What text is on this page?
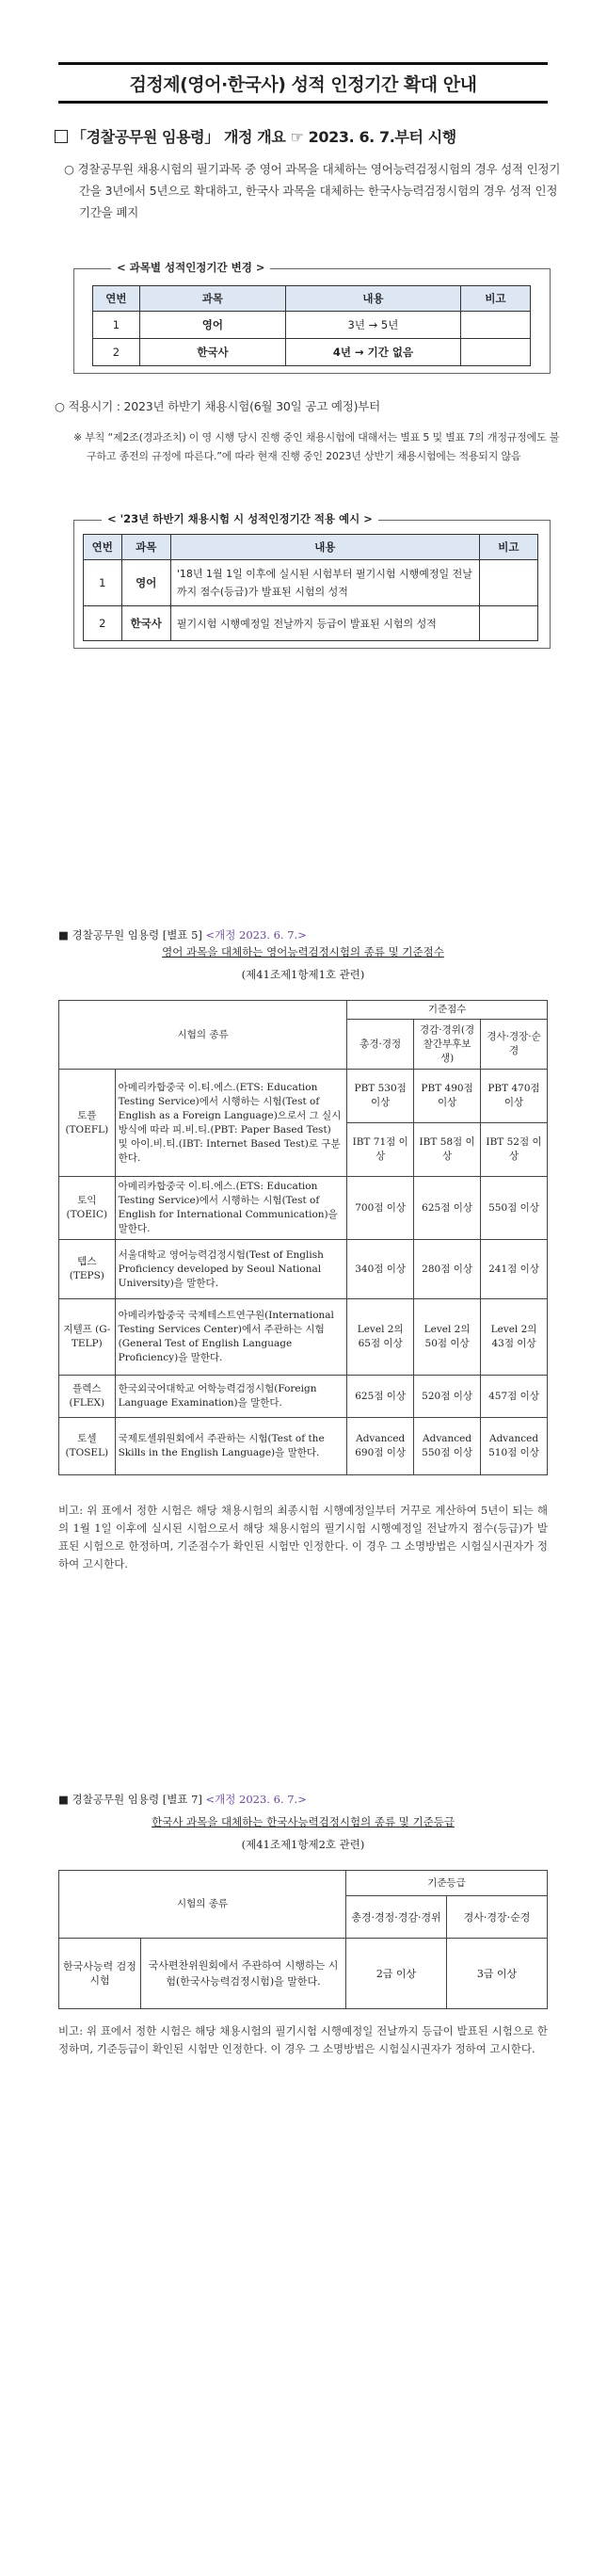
검정제(영어·한국사) 성적 인정기간 확대 안내
「경찰공무원 임용령」 개정 개요 ☞ 2023. 6. 7.부터 시행
○ 경찰공무원 채용시험의 필기과목 중 영어 과목을 대체하는 영어능력검정시험의 경우 성적 인정기간을 3년에서 5년으로 확대하고, 한국사 과목을 대체하는 한국사능력검정시험의 경우 성적 인정기간을 폐지
< 과목별 성적인정기간 변경 >
연번	과목	내용	비고
1	영어	3년 → 5년	
2	한국사	4년 → 기간 없음	
○ 적용시기 : 2023년 하반기 채용시험(6월 30일 공고 예정)부터
※ 부칙 “제2조(경과조치) 이 영 시행 당시 진행 중인 채용시험에 대해서는 별표 5 및 별표 7의 개정규정에도 불구하고 종전의 규정에 따른다.”에 따라 현재 진행 중인 2023년 상반기 채용시험에는 적용되지 않음
< '23년 하반기 채용시험 시 성적인정기간 적용 예시 >
연번	과목	내용	비고
1	영어	'18년 1월 1일 이후에 실시된 시험부터 필기시험 시행예정일 전날까지 점수(등급)가 발표된 시험의 성적	
2	한국사	필기시험 시행예정일 전날까지 등급이 발표된 시험의 성적	
■ 경찰공무원 임용령 [별표 5] <개정 2023. 6. 7.>
영어 과목을 대체하는 영어능력검정시험의 종류 및 기준점수
(제41조제1항제1호 관련)
시험의 종류		기준점수		
		총경·경정	경감·경위(경찰간부후보생)	경사·경장·순경
토플 (TOEFL)	아메리카합중국 이.티.에스.(ETS: Education Testing Service)에서 시행하는 시험(Test of English as a Foreign Language)으로서 그 실시방식에 따라 피.비.티.(PBT: Paper Based Test) 및 아이.비.티.(IBT: Internet Based Test)로 구분한다.	PBT 530점 이상	PBT 490점 이상	PBT 470점 이상
		IBT 71점 이상	IBT 58점 이상	IBT 52점 이상
토익 (TOEIC)	아메리카합중국 이.티.에스.(ETS: Education Testing Service)에서 시행하는 시험(Test of English for International Communication)을 말한다.	700점 이상	625점 이상	550점 이상
텝스 (TEPS)	서울대학교 영어능력검정시험(Test of English Proficiency developed by Seoul National University)을 말한다.	340점 이상	280점 이상	241점 이상
지텔프 (G-TELP)	아메리카합중국 국제테스트연구원(International Testing Services Center)에서 주관하는 시험(General Test of English Language Proficiency)을 말한다.	Level 2의 65점 이상	Level 2의 50점 이상	Level 2의 43점 이상
플렉스 (FLEX)	한국외국어대학교 어학능력검정시험(Foreign Language Examination)을 말한다.	625점 이상	520점 이상	457점 이상
토셀 (TOSEL)	국제토셀위원회에서 주관하는 시험(Test of the Skills in the English Language)을 말한다.	Advanced 690점 이상	Advanced 550점 이상	Advanced 510점 이상
비고: 위 표에서 정한 시험은 해당 채용시험의 최종시험 시행예정일부터 거꾸로 계산하여 5년이 되는 해의 1월 1일 이후에 실시된 시험으로서 해당 채용시험의 필기시험 시행예정일 전날까지 점수(등급)가 발표된 시험으로 한정하며, 기준점수가 확인된 시험만 인정한다. 이 경우 그 소명방법은 시험실시권자가 정하여 고시한다.
■ 경찰공무원 임용령 [별표 7] <개정 2023. 6. 7.>
한국사 과목을 대체하는 한국사능력검정시험의 종류 및 기준등급
(제41조제1항제2호 관련)
시험의 종류		기준등급	
		총경·경정·경감·경위	경사·경장·순경
한국사능력 검정시험	국사편찬위원회에서 주관하여 시행하는 시험(한국사능력검정시험)을 말한다.	2급 이상	3급 이상
비고: 위 표에서 정한 시험은 해당 채용시험의 필기시험 시행예정일 전날까지 등급이 발표된 시험으로 한정하며, 기준등급이 확인된 시험만 인정한다. 이 경우 그 소명방법은 시험실시권자가 정하여 고시한다.
